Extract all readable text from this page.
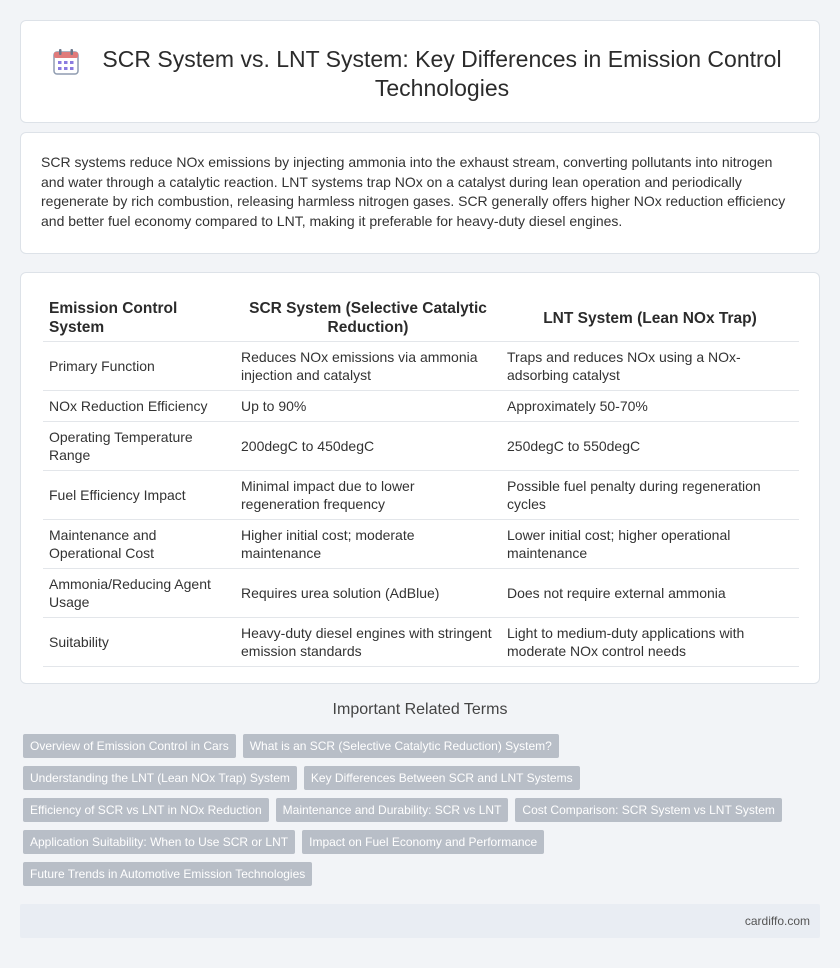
SCR System vs. LNT System: Key Differences in Emission Control Technologies

SCR systems reduce NOx emissions by injecting ammonia into the exhaust stream, converting pollutants into nitrogen and water through a catalytic reaction. LNT systems trap NOx on a catalyst during lean operation and periodically regenerate by rich combustion, releasing harmless nitrogen gases. SCR generally offers higher NOx reduction efficiency and better fuel economy compared to LNT, making it preferable for heavy-duty diesel engines.

Emission Control System	SCR System (Selective Catalytic Reduction)	LNT System (Lean NOx Trap)
Primary Function	Reduces NOx emissions via ammonia injection and catalyst	Traps and reduces NOx using a NOx-adsorbing catalyst
NOx Reduction Efficiency	Up to 90%	Approximately 50-70%
Operating Temperature Range	200degC to 450degC	250degC to 550degC
Fuel Efficiency Impact	Minimal impact due to lower regeneration frequency	Possible fuel penalty during regeneration cycles
Maintenance and Operational Cost	Higher initial cost; moderate maintenance	Lower initial cost; higher operational maintenance
Ammonia/Reducing Agent Usage	Requires urea solution (AdBlue)	Does not require external ammonia
Suitability	Heavy-duty diesel engines with stringent emission standards	Light to medium-duty applications with moderate NOx control needs
Important Related Terms
Overview of Emission Control in Cars	What is an SCR (Selective Catalytic Reduction) System?
Understanding the LNT (Lean NOx Trap) System	Key Differences Between SCR and LNT Systems
Efficiency of SCR vs LNT in NOx Reduction	Maintenance and Durability: SCR vs LNT	Cost Comparison: SCR System vs LNT System
Application Suitability: When to Use SCR or LNT	Impact on Fuel Economy and Performance
Future Trends in Automotive Emission Technologies
cardiffo.com
